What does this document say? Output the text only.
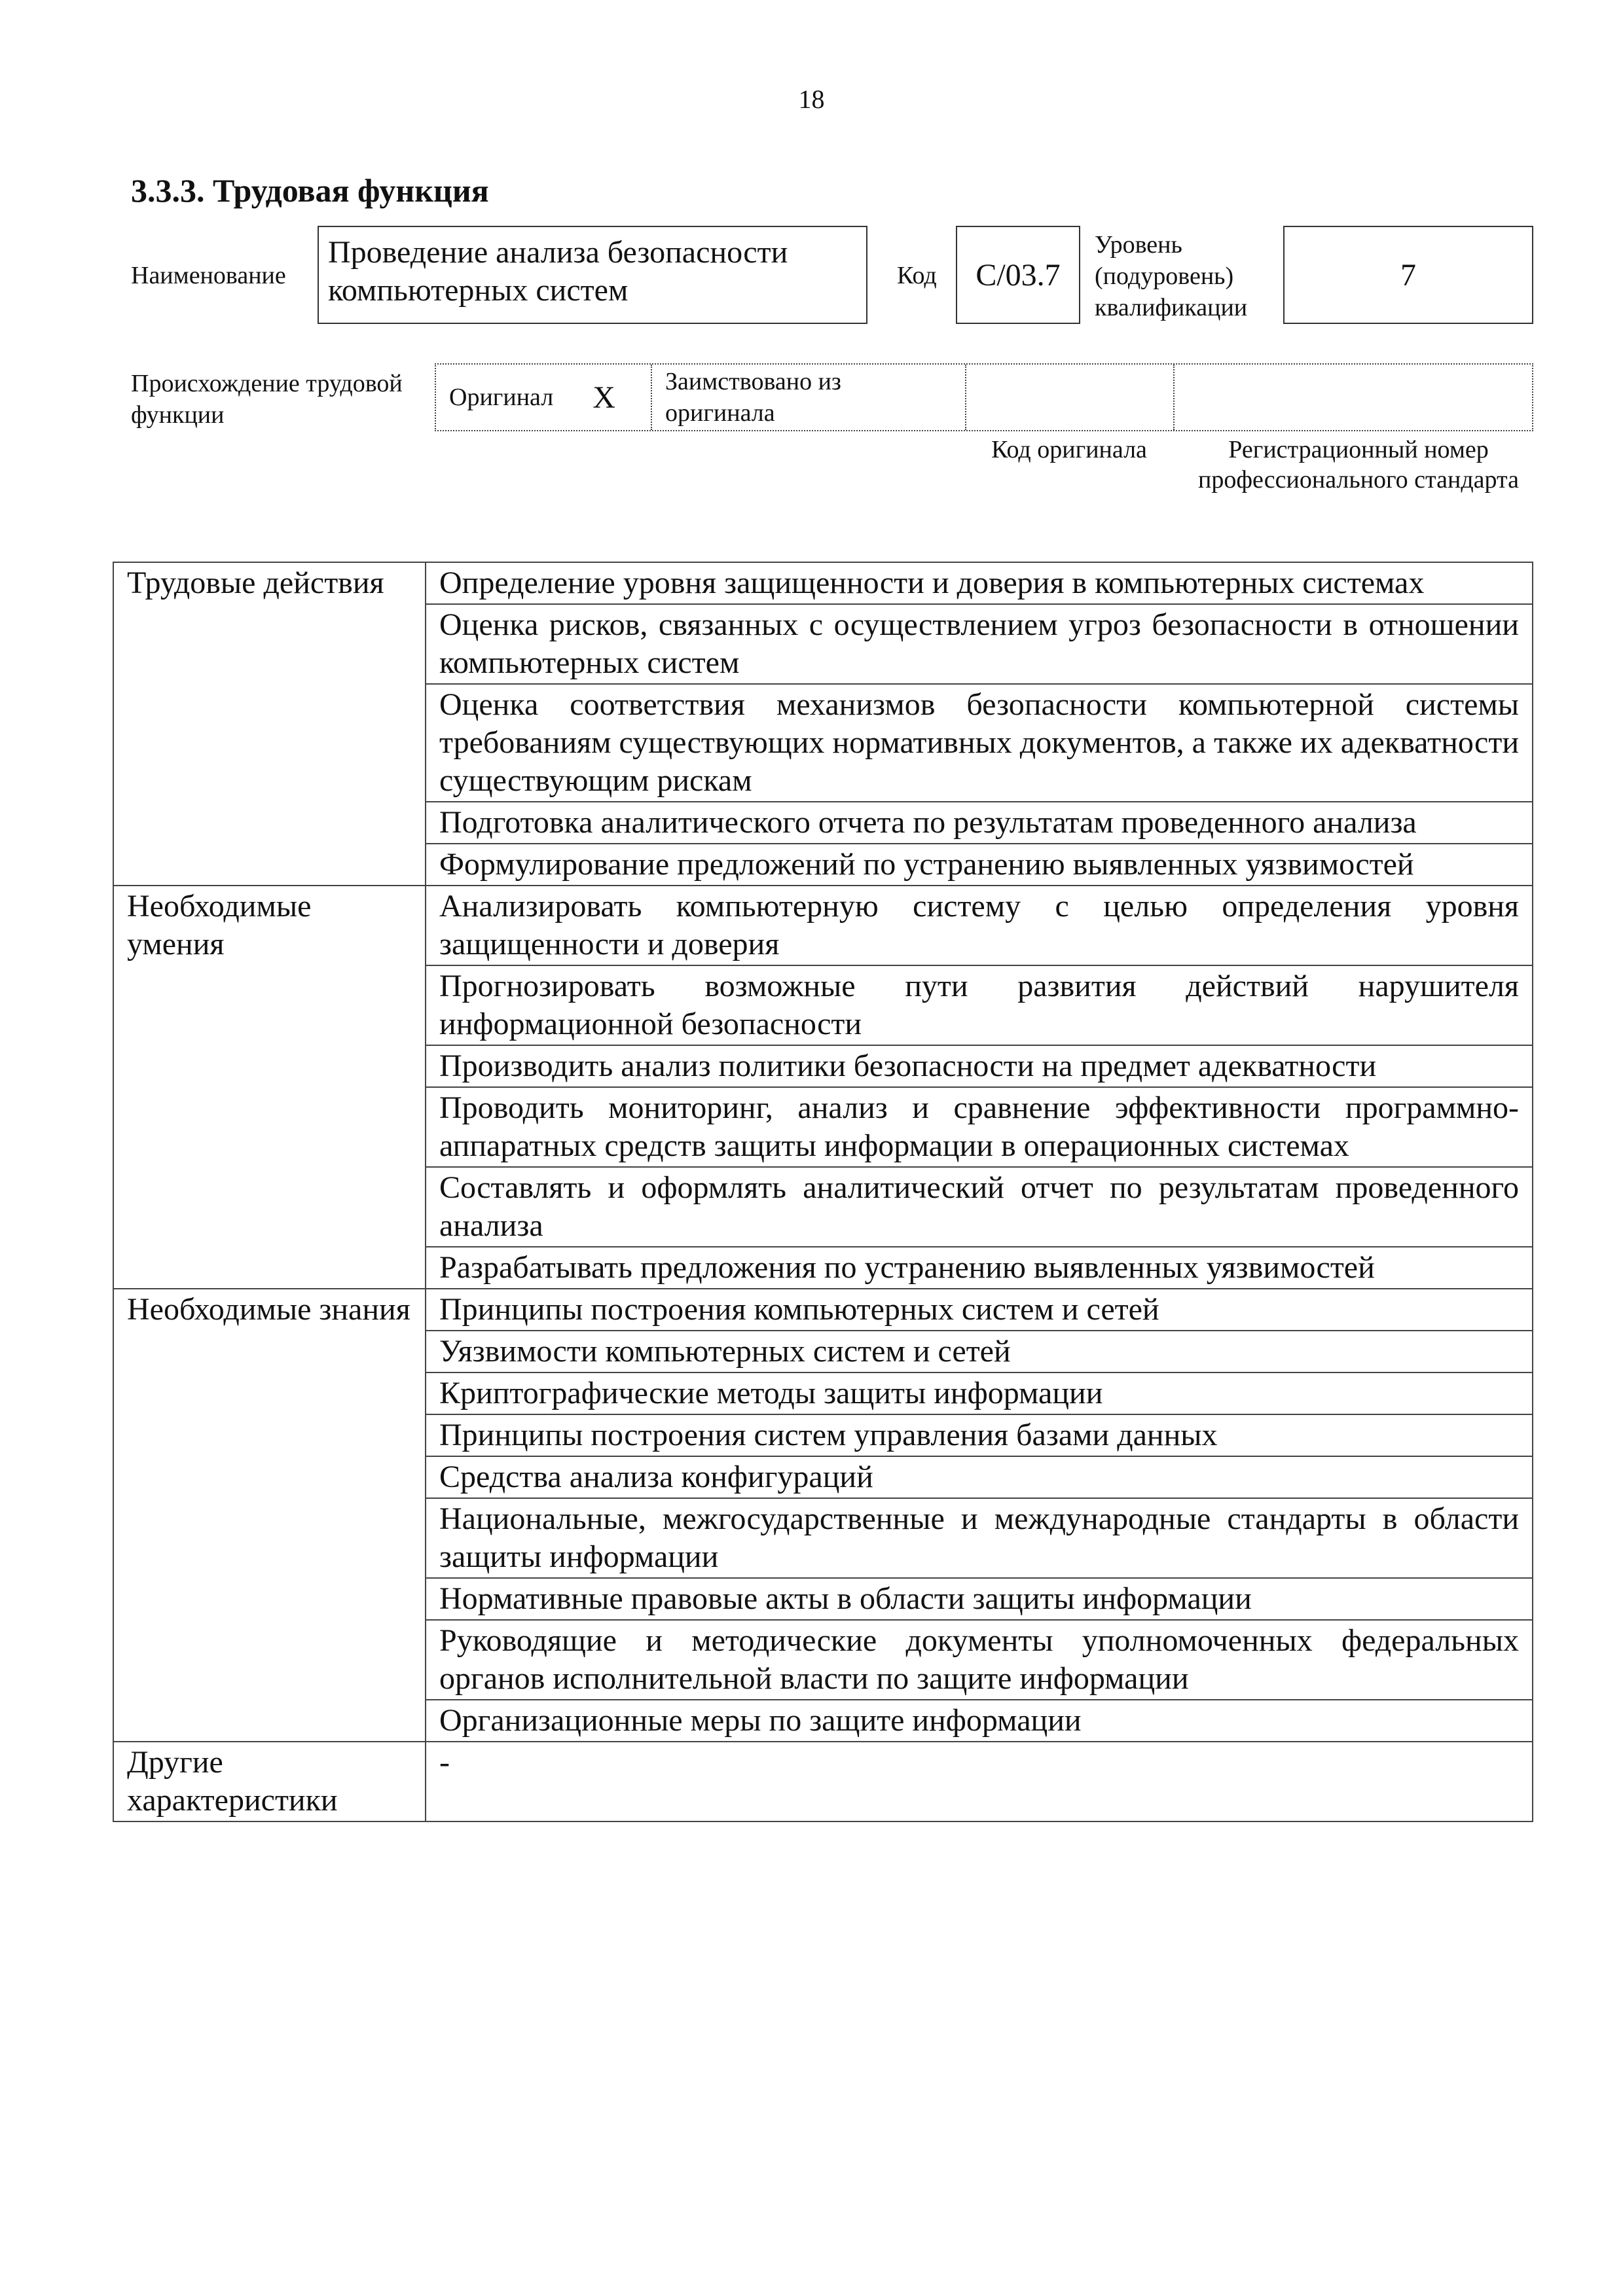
18
3.3.3. Трудовая функция
Наименование
Проведение анализа безопасности компьютерных систем	Код	С/03.7
Уровень (подуровень) квалификации
7
Происхождение трудовой функции
Оригинал X	Заимствовано из оригинала
Код оригинала	Регистрационный номер профессионального стандарта
Трудовые действия	Определение уровня защищенности и доверия в компьютерных системах
	Оценка рисков, связанных с осуществлением угроз безопасности в отношении компьютерных систем
	Оценка соответствия механизмов безопасности компьютерной системы требованиям существующих нормативных документов, а также их адекватности существующим рискам
	Подготовка аналитического отчета по результатам проведенного анализа
	Формулирование предложений по устранению выявленных уязвимостей
Необходимые умения	Анализировать компьютерную систему с целью определения уровня защищенности и доверия
	Прогнозировать возможные пути развития действий нарушителя информационной безопасности
	Производить анализ политики безопасности на предмет адекватности
	Проводить мониторинг, анализ и сравнение эффективности программно-аппаратных средств защиты информации в операционных системах
	Составлять и оформлять аналитический отчет по результатам проведенного анализа
	Разрабатывать предложения по устранению выявленных уязвимостей
Необходимые знания	Принципы построения компьютерных систем и сетей
	Уязвимости компьютерных систем и сетей
	Криптографические методы защиты информации
	Принципы построения систем управления базами данных
	Средства анализа конфигураций
	Национальные, межгосударственные и международные стандарты в области защиты информации
	Нормативные правовые акты в области защиты информации
	Руководящие и методические документы уполномоченных федеральных органов исполнительной власти по защите информации
	Организационные меры по защите информации
Другие характеристики	-
